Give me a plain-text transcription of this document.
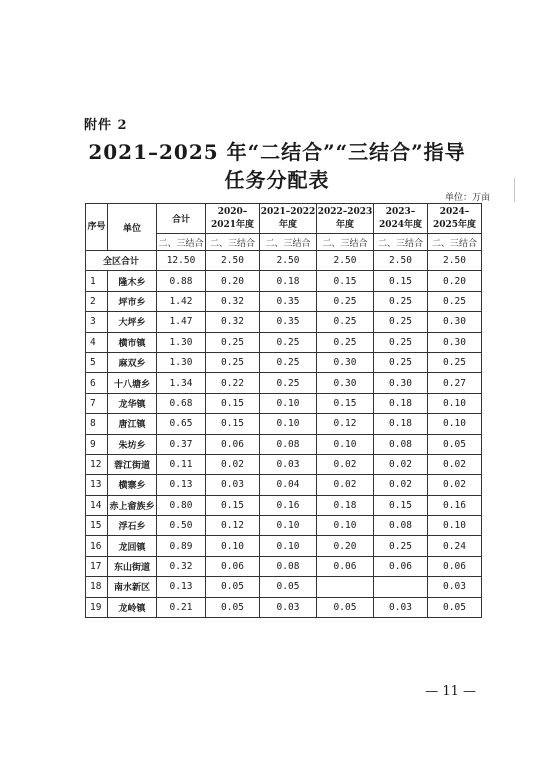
附件 2
2021–2025 年“二结合”“三结合”指导
任务分配表
单位：万亩
序号	单位	合计	2020–2021年度	2021–2022年度	2022–2023年度	2023–2024年度	2024–2025年度
		二、三结合	二、三结合	二、三结合	二、三结合	二、三结合	二、三结合
全区合计		12.50	2.50	2.50	2.50	2.50	2.50
1	隆木乡	0.88	0.20	0.18	0.15	0.15	0.20
2	坪市乡	1.42	0.32	0.35	0.25	0.25	0.25
3	大坪乡	1.47	0.32	0.35	0.25	0.25	0.30
4	横市镇	1.30	0.25	0.25	0.25	0.25	0.30
5	麻双乡	1.30	0.25	0.25	0.30	0.25	0.25
6	十八塘乡	1.34	0.22	0.25	0.30	0.30	0.27
7	龙华镇	0.68	0.15	0.10	0.15	0.18	0.10
8	唐江镇	0.65	0.15	0.10	0.12	0.18	0.10
9	朱坊乡	0.37	0.06	0.08	0.10	0.08	0.05
12	蓉江街道	0.11	0.02	0.03	0.02	0.02	0.02
13	横寨乡	0.13	0.03	0.04	0.02	0.02	0.02
14	赤上畲族乡	0.80	0.15	0.16	0.18	0.15	0.16
15	浮石乡	0.50	0.12	0.10	0.10	0.08	0.10
16	龙回镇	0.89	0.10	0.10	0.20	0.25	0.24
17	东山街道	0.32	0.06	0.08	0.06	0.06	0.06
18	南水新区	0.13	0.05	0.05			0.03
19	龙岭镇	0.21	0.05	0.03	0.05	0.03	0.05
— 11 —
